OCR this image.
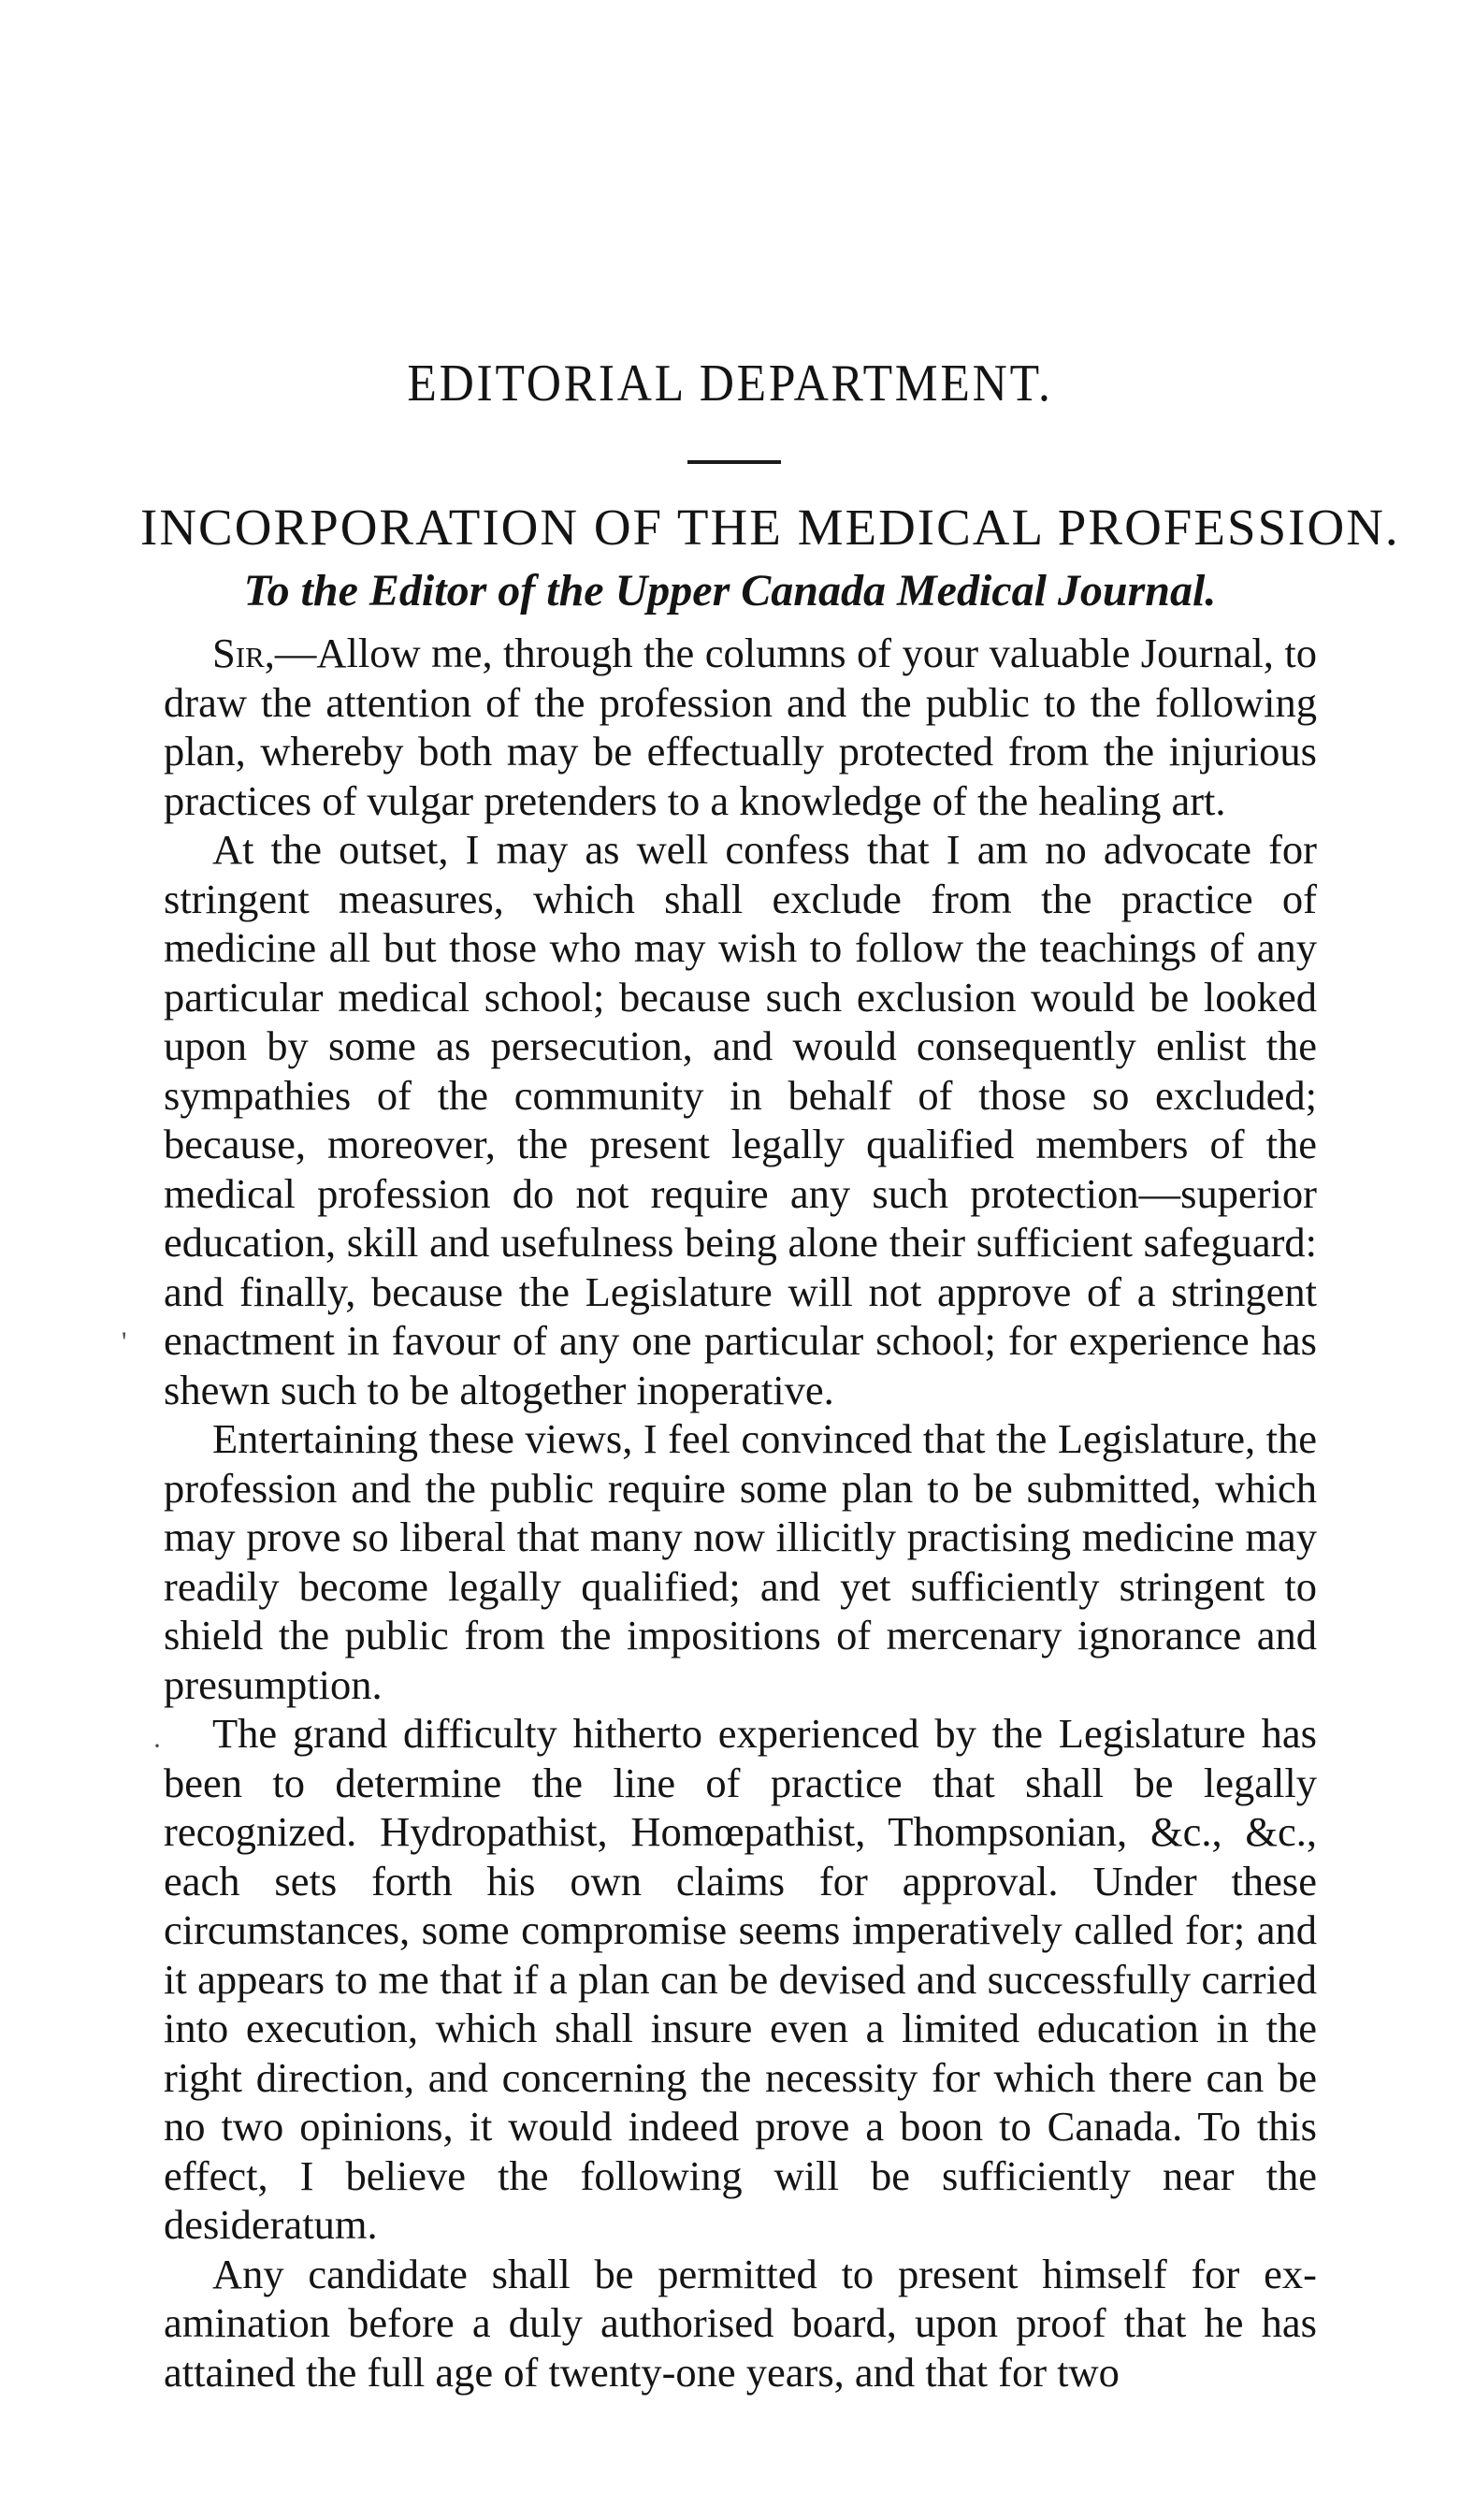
EDITORIAL DEPARTMENT.
INCORPORATION OF THE MEDICAL PROFESSION.
To the Editor of the Upper Canada Medical Journal.

Sir,—Allow me, through the columns of your valuable Journal, to draw the attention of the profession and the public to the following plan, whereby both may be effectually protected from the injurious practices of vulgar pretenders to a knowledge of the healing art.

At the outset, I may as well confess that I am no advocate for stringent measures, which shall exclude from the practice of medicine all but those who may wish to follow the teachings of any particular medical school; because such exclusion would be looked upon by some as persecution, and would consequently enlist the sympathies of the community in behalf of those so excluded; because, moreover, the present legally qualified members of the medical profession do not require any such protection—superior education, skill and usefulness being alone their sufficient safeguard: and finally, because the Legislature will not approve of a stringent enactment in favour of any one particular school; for experience has shewn such to be altogether inoperative.

Entertaining these views, I feel convinced that the Legislature, the profession and the public require some plan to be submitted, which may prove so liberal that many now illicitly practising medicine may readily become legally qualified; and yet sufficiently stringent to shield the public from the impositions of mercenary ignorance and presumption.

The grand difficulty hitherto experienced by the Legislature has been to determine the line of practice that shall be legally recognized. Hydropathist, Homœpathist, Thompsonian, &c., &c., each sets forth his own claims for approval. Under these circumstances, some compromise seems imperatively called for; and it appears to me that if a plan can be devised and successfully carried into execution, which shall insure even a limited education in the right direction, and concerning the necessity for which there can be no two opinions, it would indeed prove a boon to Canada. To this effect, I believe the following will be sufficiently near the desideratum.

Any candidate shall be permitted to present himself for examination before a duly authorised board, upon proof that he has attained the full age of twenty-one years, and that for two

'
·
